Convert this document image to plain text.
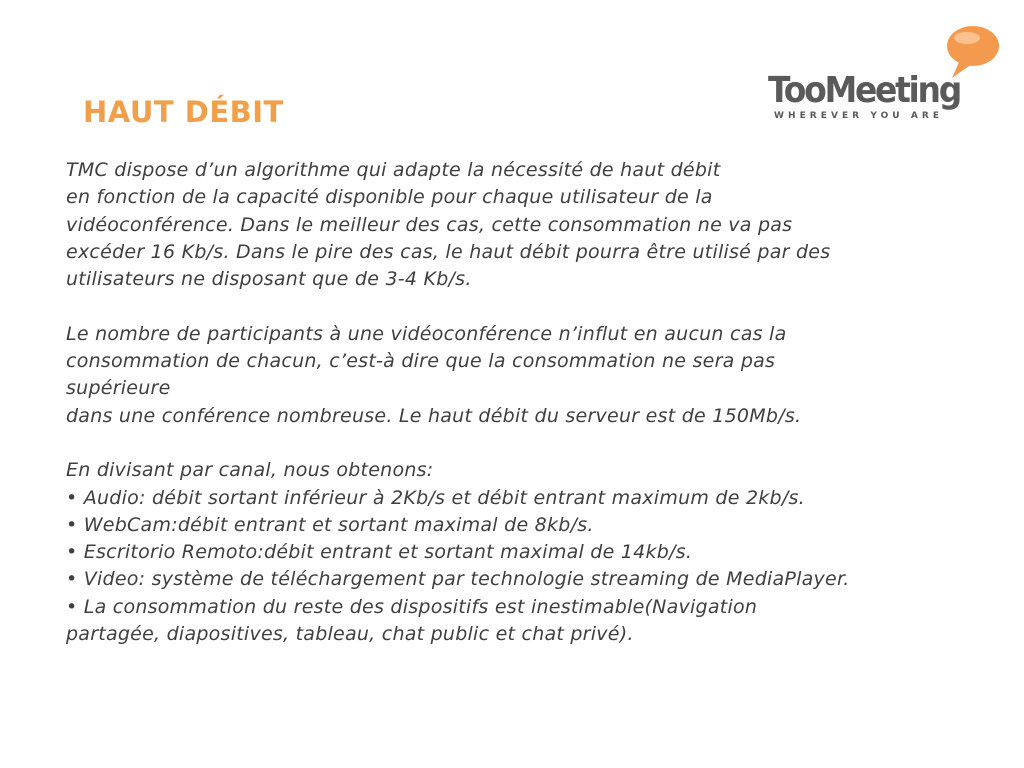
HAUT DÉBIT
TooMeeting
WHEREVER YOU ARE

TMC dispose d’un algorithme qui adapte la nécessité de haut débit
en fonction de la capacité disponible pour chaque utilisateur de la
vidéoconférence. Dans le meilleur des cas, cette consommation ne va pas
excéder 16 Kb/s. Dans le pire des cas, le haut débit pourra être utilisé par des
utilisateurs ne disposant que de 3-4 Kb/s.

Le nombre de participants à une vidéoconférence n’influt en aucun cas la
consommation de chacun, c’est-à dire que la consommation ne sera pas
supérieure
dans une conférence nombreuse. Le haut débit du serveur est de 150Mb/s.

En divisant par canal, nous obtenons:
• Audio: débit sortant inférieur à 2Kb/s et débit entrant maximum de 2kb/s.
• WebCam:débit entrant et sortant maximal de 8kb/s.
• Escritorio Remoto:débit entrant et sortant maximal de 14kb/s.
• Video: système de téléchargement par technologie streaming de MediaPlayer.
• La consommation du reste des dispositifs est inestimable(Navigation
partagée, diapositives, tableau, chat public et chat privé).
